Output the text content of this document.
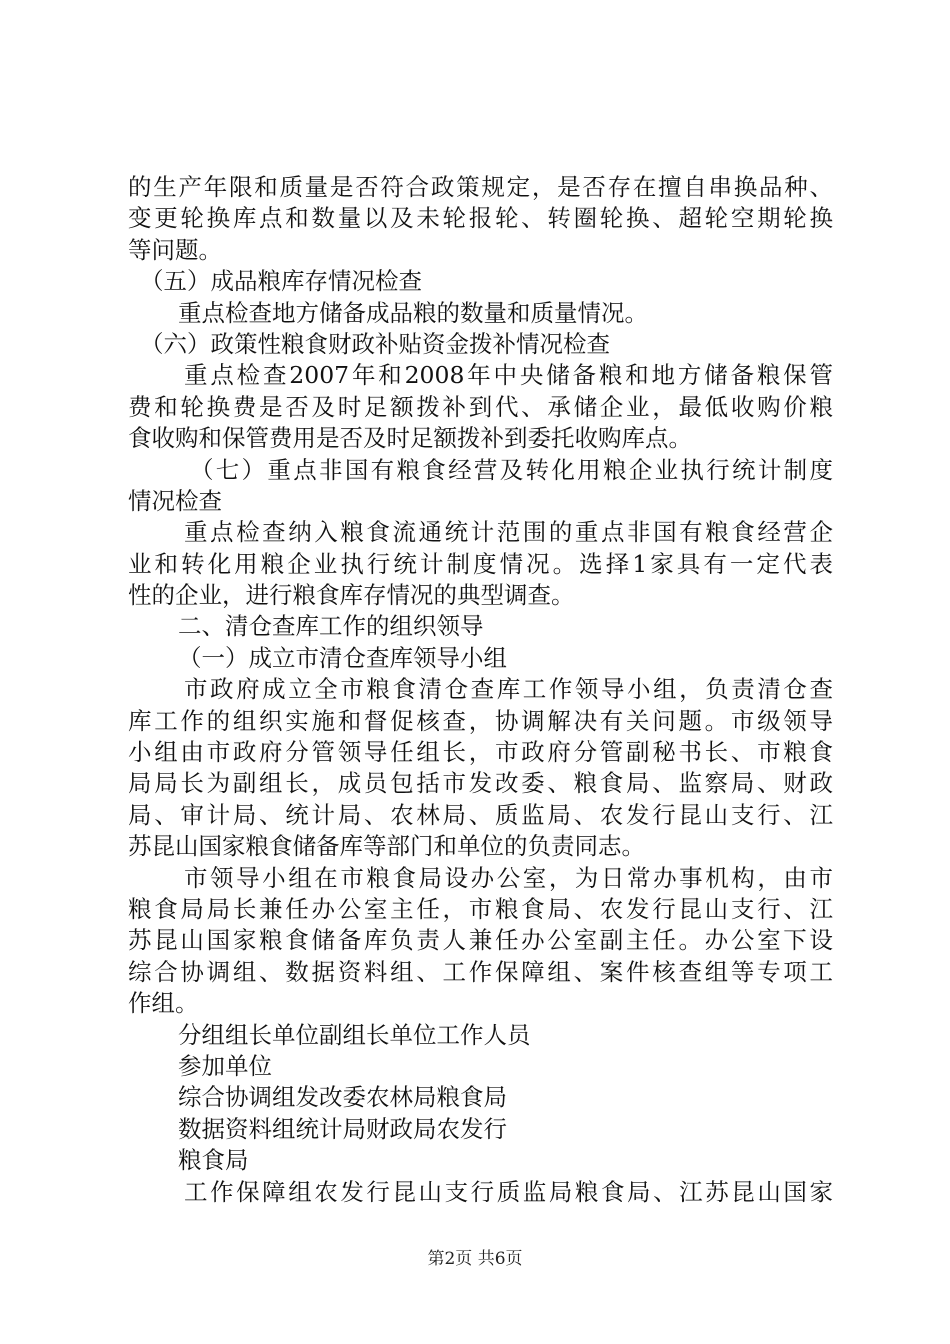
的生产年限和质量是否符合政策规定，是否存在擅自串换品种、
变更轮换库点和数量以及未轮报轮、转圈轮换、超轮空期轮换
等问题。
（五）成品粮库存情况检查
重点检查地方储备成品粮的数量和质量情况。
（六）政策性粮食财政补贴资金拨补情况检查
重点检查2007年和2008年中央储备粮和地方储备粮保管
费和轮换费是否及时足额拨补到代、承储企业，最低收购价粮
食收购和保管费用是否及时足额拨补到委托收购库点。
（七）重点非国有粮食经营及转化用粮企业执行统计制度
情况检查
重点检查纳入粮食流通统计范围的重点非国有粮食经营企
业和转化用粮企业执行统计制度情况。选择1家具有一定代表
性的企业，进行粮食库存情况的典型调查。
二、清仓查库工作的组织领导
（一）成立市清仓查库领导小组
市政府成立全市粮食清仓查库工作领导小组，负责清仓查
库工作的组织实施和督促核查，协调解决有关问题。市级领导
小组由市政府分管领导任组长，市政府分管副秘书长、市粮食
局局长为副组长，成员包括市发改委、粮食局、监察局、财政
局、审计局、统计局、农林局、质监局、农发行昆山支行、江
苏昆山国家粮食储备库等部门和单位的负责同志。
市领导小组在市粮食局设办公室，为日常办事机构，由市
粮食局局长兼任办公室主任，市粮食局、农发行昆山支行、江
苏昆山国家粮食储备库负责人兼任办公室副主任。办公室下设
综合协调组、数据资料组、工作保障组、案件核查组等专项工
作组。
分组组长单位副组长单位工作人员
参加单位
综合协调组发改委农林局粮食局
数据资料组统计局财政局农发行
粮食局
工作保障组农发行昆山支行质监局粮食局、江苏昆山国家
第2页 共6页
